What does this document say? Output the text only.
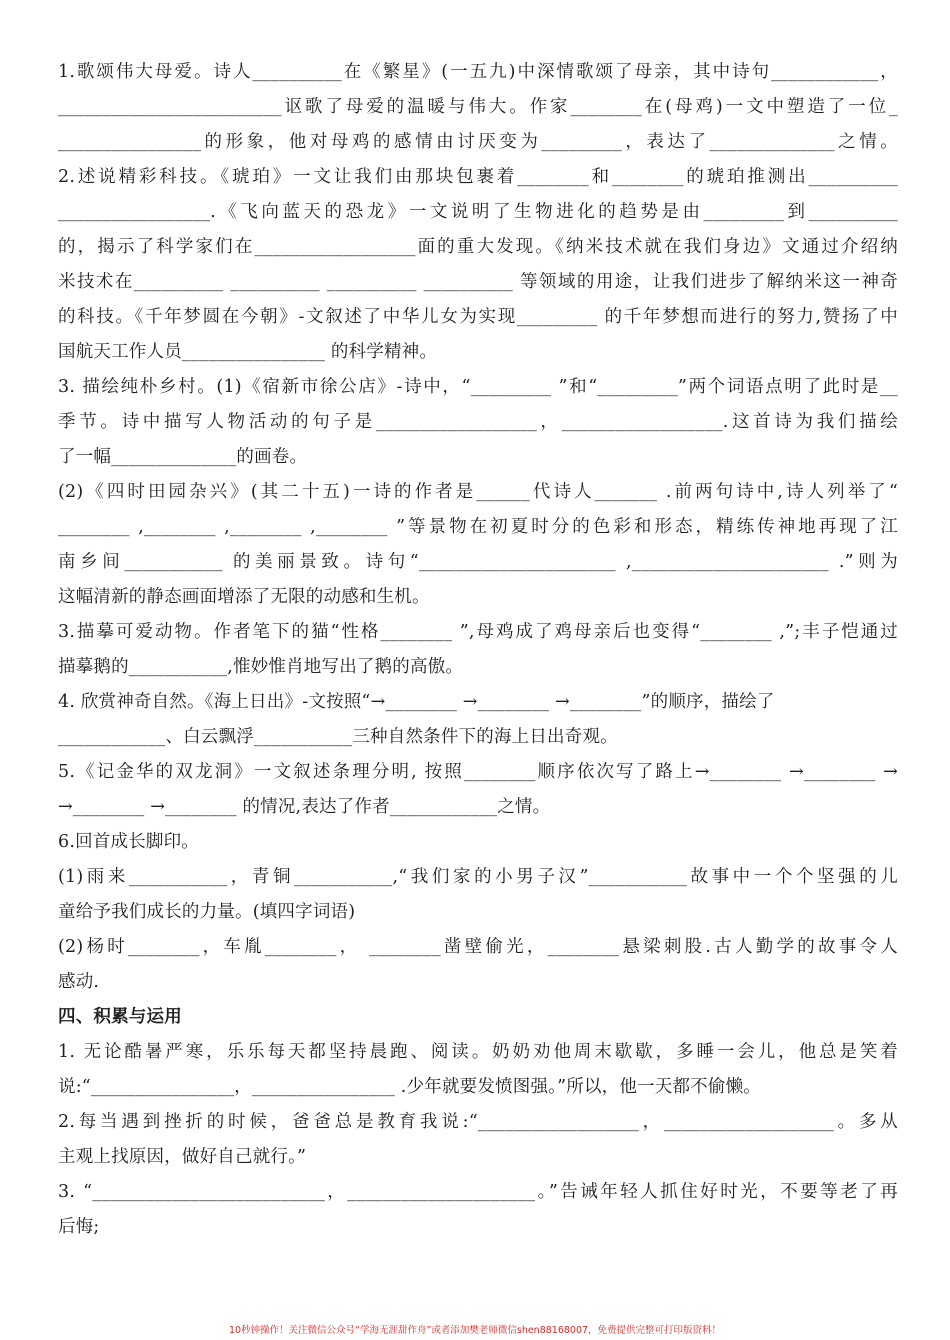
1.歌颂伟大母爱。诗人__________在《繁星》(一五九)中深情歌颂了母亲，其中诗句____________，
_________________________讴歌了母爱的温暖与伟大。作家________在(母鸡)一文中塑造了一位_
________________的形象，他对母鸡的感情由讨厌变为_________，表达了______________之情。
2.述说精彩科技。《琥珀》一文让我们由那块包裹着________和________的琥珀推测出__________
_________________.《飞向蓝天的恐龙》一文说明了生物进化的趋势是由_________到__________
的，揭示了科学家们在__________________面的重大发现。《纳米技术就在我们身边》文通过介绍纳
米技术在__________ __________ __________ __________ 等领域的用途，让我们进步了解纳米这一神奇
的科技。《千年梦圆在今朝》-文叙述了中华儿女为实现_________ 的千年梦想而进行的努力,赞扬了中
国航天工作人员________________ 的科学精神。
3. 描绘纯朴乡村。(1)《宿新市徐公店》-诗中，“_________ ”和“_________”两个词语点明了此时是__
季节。诗中描写人物活动的句子是__________________，__________________.这首诗为我们描绘
了一幅______________的画卷。
(2)《四时田园杂兴》(其二十五)一诗的作者是______代诗人_______ .前两句诗中,诗人列举了“
________ ,________ ,________ ,________ ”等景物在初夏时分的色彩和形态，精练传神地再现了江
南乡间___________ 的美丽景致。诗句“______________________ ,______________________ .”则为
这幅清新的静态画面增添了无限的动感和生机。
3.描摹可爱动物。作者笔下的猫“性格________ ”,母鸡成了鸡母亲后也变得“________ ,”;丰子恺通过
描摹鹅的___________,惟妙惟肖地写出了鹅的高傲。
4. 欣赏神奇自然。《海上日出》-文按照“→________ →________ →________”的顺序，描绘了
____________、白云飘浮___________三种自然条件下的海上日出奇观。
5.《记金华的双龙洞》一文叙述条理分明, 按照________顺序依次写了路上→________ →________ →
→________ →________ 的情况,表达了作者____________之情。
6.回首成长脚印。
(1)雨来___________，青铜___________,“我们家的小男子汉”___________故事中一个个坚强的儿
童给予我们成长的力量。(填四字词语)
(2)杨时________，车胤________， ________凿壁偷光，________悬梁刺股.古人勤学的故事令人
感动.
四、积累与运用
1. 无论酷暑严寒，乐乐每天都坚持晨跑、阅读。奶奶劝他周末歇歇，多睡一会儿，他总是笑着
说:“________________，________________ .少年就要发愤图强。”所以，他一天都不偷懒。
2.每当遇到挫折的时候，爸爸总是教育我说:“__________________，___________________。多从
主观上找原因，做好自己就行。”
3. “__________________________，_____________________。”告诫年轻人抓住好时光，不要等老了再
后悔;
10秒钟操作！关注微信公众号“学海无涯甜作舟”或者添加樊老师微信shen88168007，免费提供完整可打印版资料！
